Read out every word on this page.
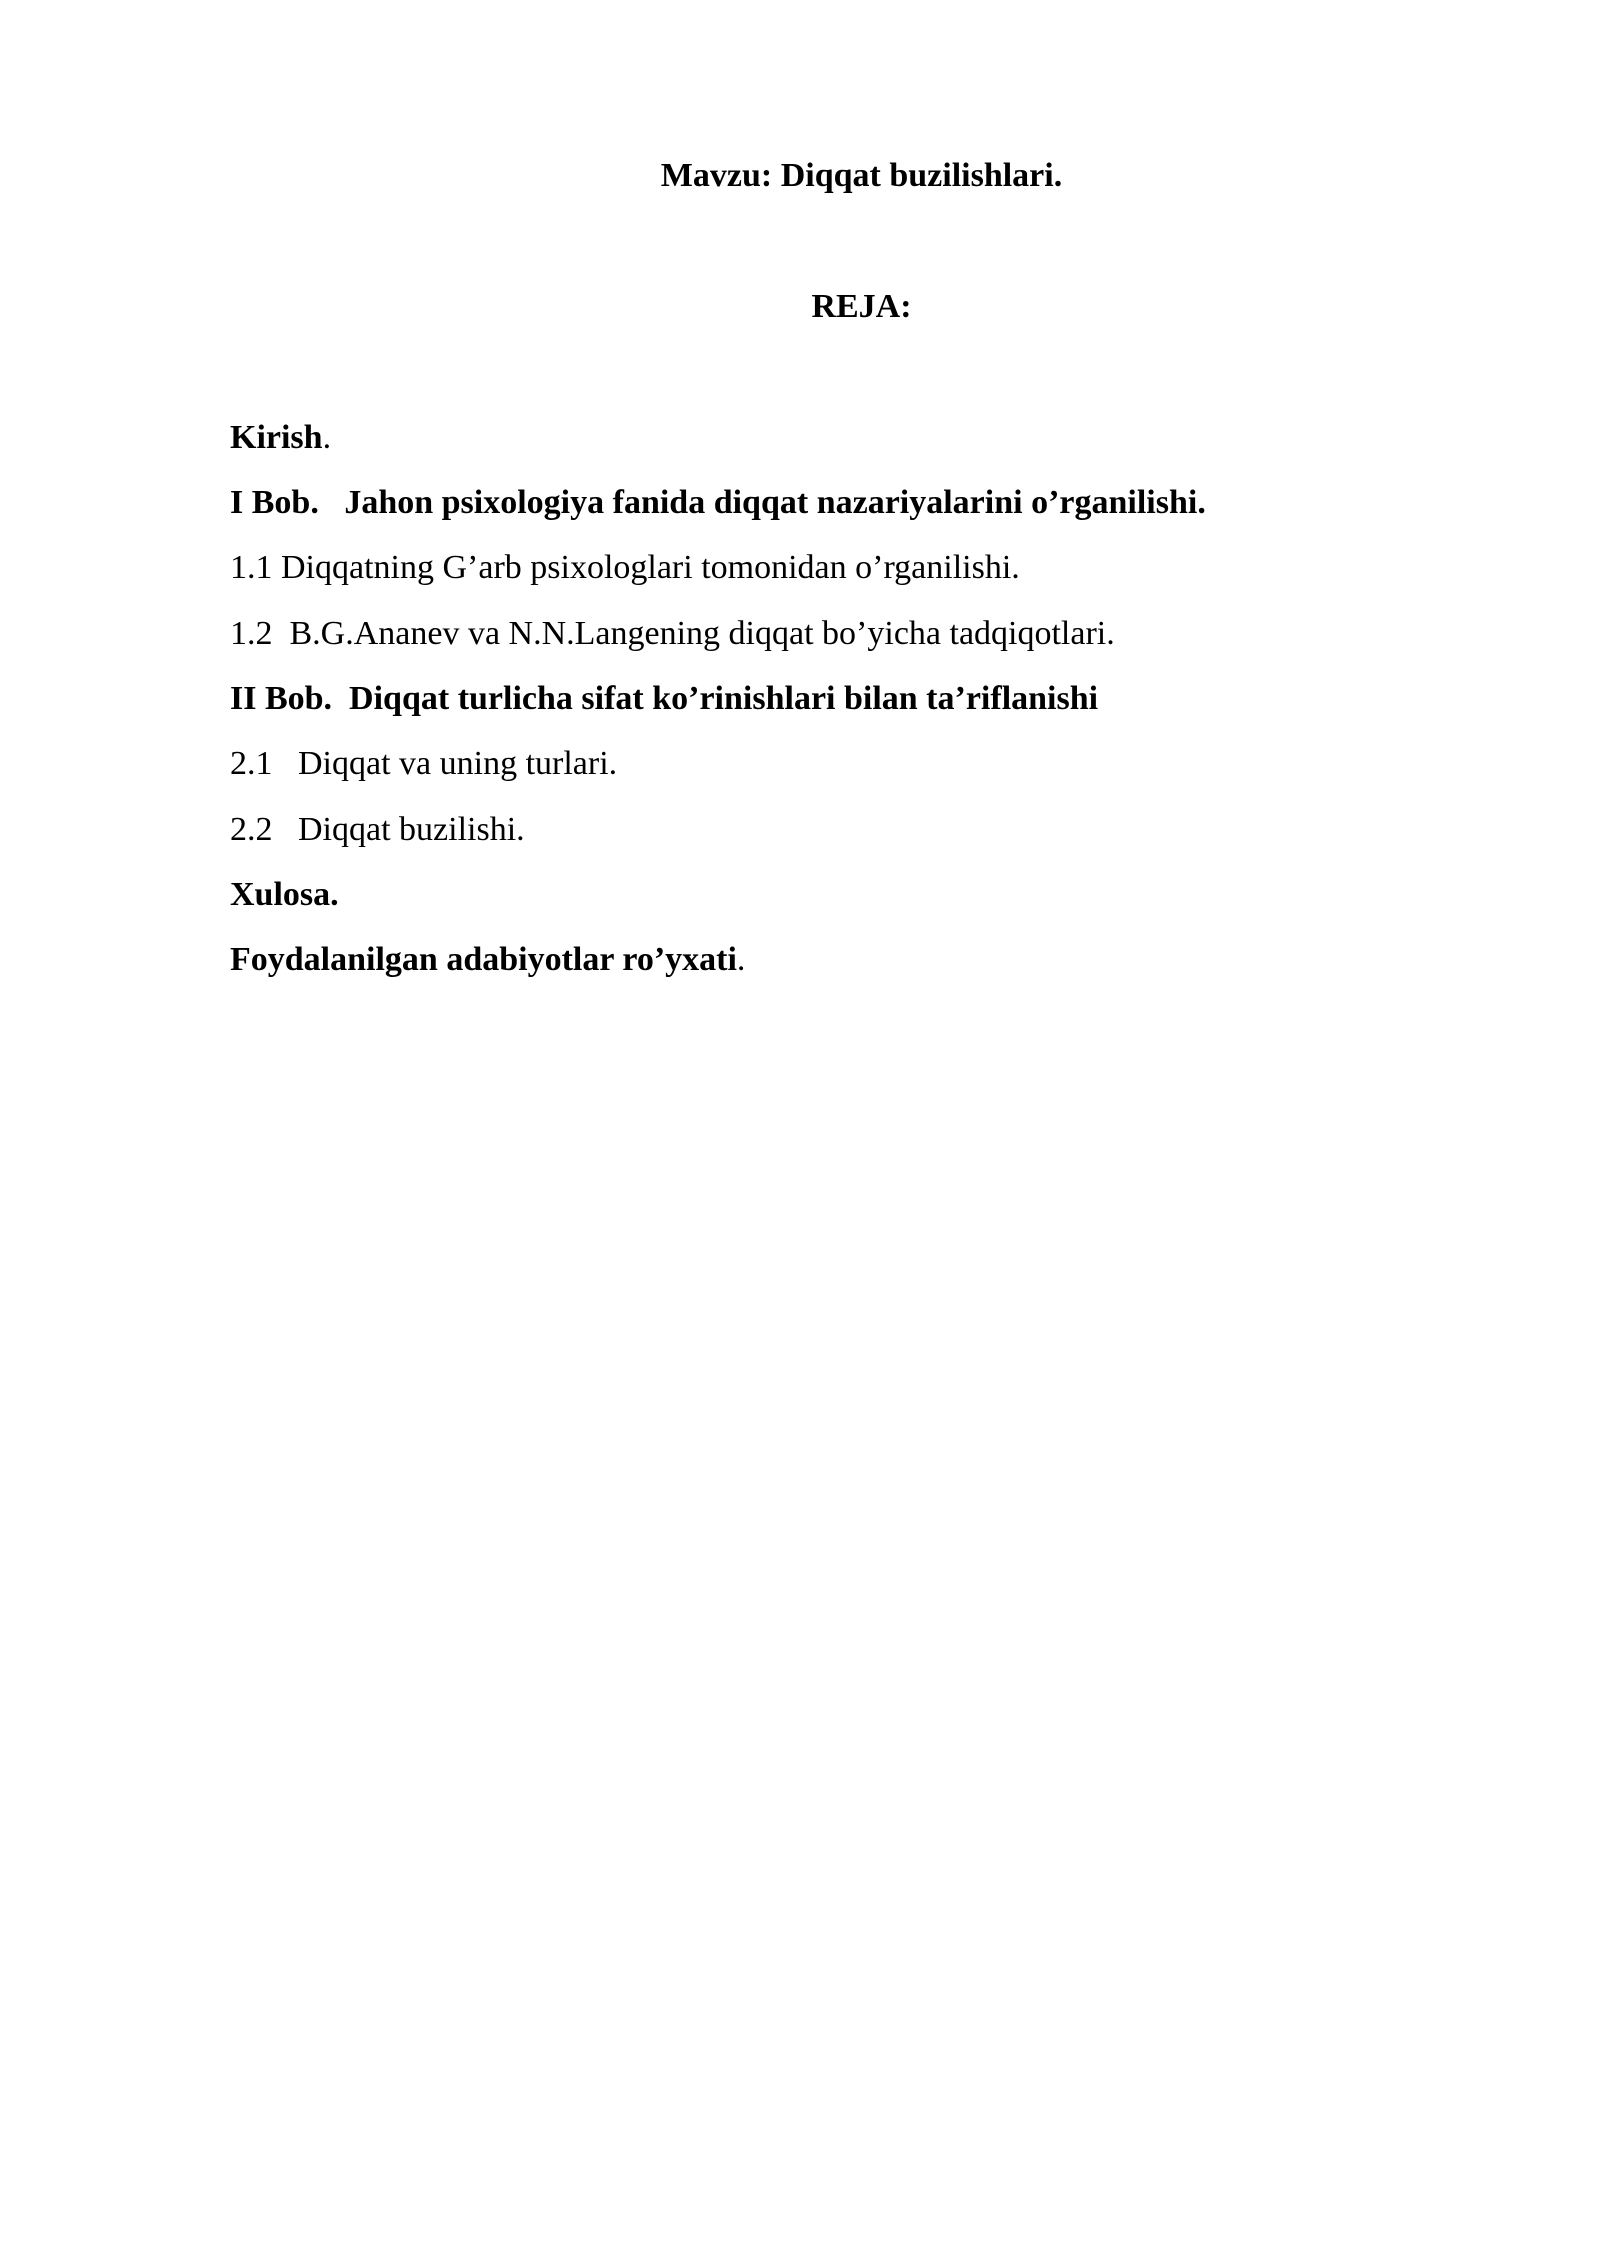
Mavzu: Diqqat buzilishlari.
REJA:
Kirish.
I Bob.   Jahon psixologiya fanida diqqat nazariyalarini o’rganilishi.
1.1 Diqqatning G’arb psixologlari tomonidan o’rganilishi.
1.2  B.G.Ananev va N.N.Langening diqqat bo’yicha tadqiqotlari.
II Bob.  Diqqat turlicha sifat ko’rinishlari bilan ta’riflanishi
2.1   Diqqat va uning turlari.
2.2   Diqqat buzilishi.
Xulosa.
Foydalanilgan adabiyotlar ro’yxati.
